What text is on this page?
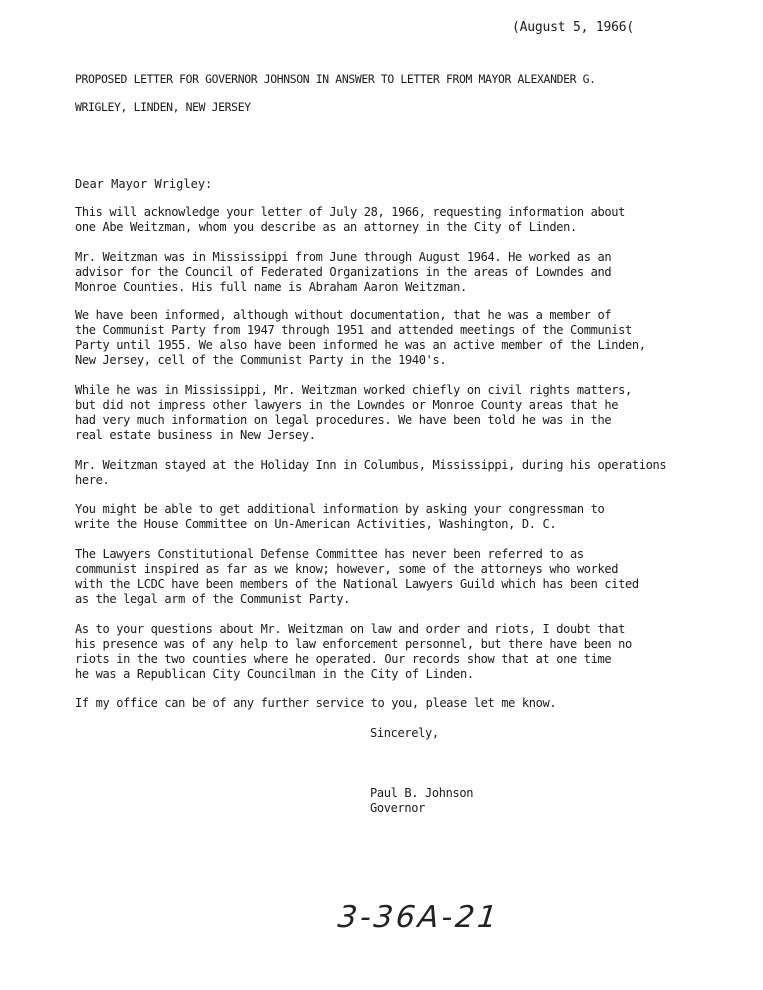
(August 5, 1966(
PROPOSED LETTER FOR GOVERNOR JOHNSON IN ANSWER TO LETTER FROM MAYOR ALEXANDER G.
WRIGLEY, LINDEN, NEW JERSEY
Dear Mayor Wrigley:
This will acknowledge your letter of July 28, 1966, requesting information about
one Abe Weitzman, whom you describe as an attorney in the City of Linden.
Mr. Weitzman was in Mississippi from June through August 1964. He worked as an
advisor for the Council of Federated Organizations in the areas of Lowndes and
Monroe Counties. His full name is Abraham Aaron Weitzman.
We have been informed, although without documentation, that he was a member of
the Communist Party from 1947 through 1951 and attended meetings of the Communist
Party until 1955. We also have been informed he was an active member of the Linden,
New Jersey, cell of the Communist Party in the 1940's.
While he was in Mississippi, Mr. Weitzman worked chiefly on civil rights matters,
but did not impress other lawyers in the Lowndes or Monroe County areas that he
had very much information on legal procedures. We have been told he was in the
real estate business in New Jersey.
Mr. Weitzman stayed at the Holiday Inn in Columbus, Mississippi, during his operations
here.
You might be able to get additional information by asking your congressman to
write the House Committee on Un-American Activities, Washington, D. C.
The Lawyers Constitutional Defense Committee has never been referred to as
communist inspired as far as we know; however, some of the attorneys who worked
with the LCDC have been members of the National Lawyers Guild which has been cited
as the legal arm of the Communist Party.
As to your questions about Mr. Weitzman on law and order and riots, I doubt that
his presence was of any help to law enforcement personnel, but there have been no
riots in the two counties where he operated. Our records show that at one time
he was a Republican City Councilman in the City of Linden.
If my office can be of any further service to you, please let me know.
Sincerely,
Paul B. Johnson
Governor
3-36A-21
